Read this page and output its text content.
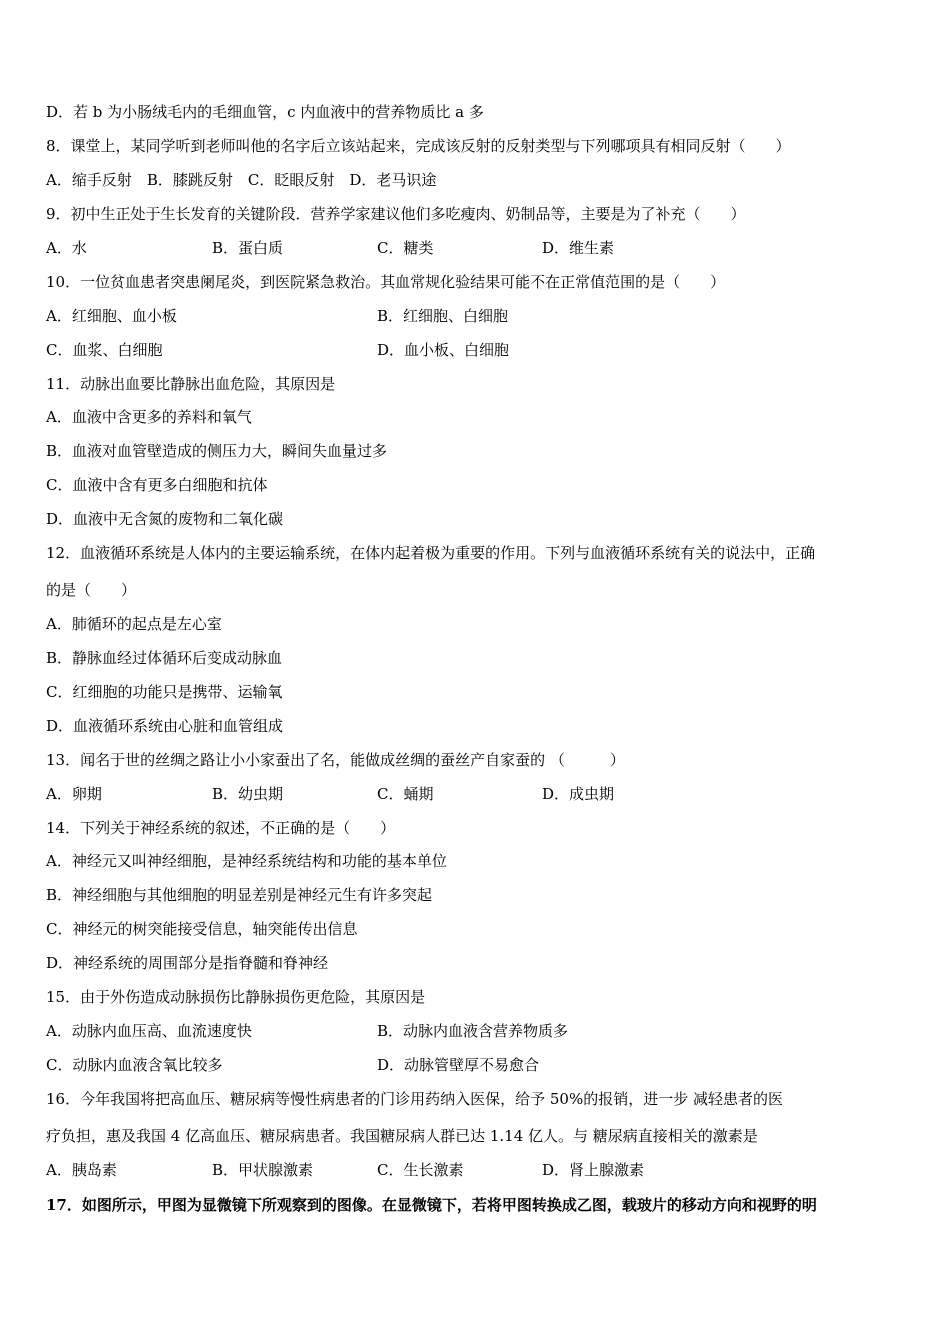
D．若 b 为小肠绒毛内的毛细血管，c 内血液中的营养物质比 a 多
8．课堂上，某同学听到老师叫他的名字后立该站起来，完成该反射的反射类型与下列哪项具有相同反射（　　）
A．缩手反射　B．膝跳反射　C．眨眼反射　D．老马识途
9．初中生正处于生长发育的关键阶段．营养学家建议他们多吃瘦肉、奶制品等，主要是为了补充（　　）
A．水	B．蛋白质	C．糖类	D．维生素
10．一位贫血患者突患阑尾炎，到医院紧急救治。其血常规化验结果可能不在正常值范围的是（　　）
A．红细胞、血小板	B．红细胞、白细胞
C．血浆、白细胞	D．血小板、白细胞
11．动脉出血要比静脉出血危险，其原因是
A．血液中含更多的养料和氧气
B．血液对血管壁造成的侧压力大，瞬间失血量过多
C．血液中含有更多白细胞和抗体
D．血液中无含氮的废物和二氧化碳
12．血液循环系统是人体内的主要运输系统，在体内起着极为重要的作用。下列与血液循环系统有关的说法中，正确
的是（　　）
A．肺循环的起点是左心室
B．静脉血经过体循环后变成动脉血
C．红细胞的功能只是携带、运输氧
D．血液循环系统由心脏和血管组成
13．闻名于世的丝绸之路让小小家蚕出了名，能做成丝绸的蚕丝产自家蚕的 （　　　）
A．卵期	B．幼虫期	C．蛹期	D．成虫期
14．下列关于神经系统的叙述，不正确的是（　　）
A．神经元又叫神经细胞，是神经系统结构和功能的基本单位
B．神经细胞与其他细胞的明显差别是神经元生有许多突起
C．神经元的树突能接受信息，轴突能传出信息
D．神经系统的周围部分是指脊髓和脊神经
15．由于外伤造成动脉损伤比静脉损伤更危险，其原因是
A．动脉内血压高、血流速度快	B．动脉内血液含营养物质多
C．动脉内血液含氧比较多	D．动脉管壁厚不易愈合
16．今年我国将把高血压、糖尿病等慢性病患者的门诊用药纳入医保，给予 50%的报销，进一步 减轻患者的医
疗负担，惠及我国 4 亿高血压、糖尿病患者。我国糖尿病人群已达 1.14 亿人。与 糖尿病直接相关的激素是
A．胰岛素	B．甲状腺激素	C．生长激素	D．肾上腺激素
17．如图所示，甲图为显微镜下所观察到的图像。在显微镜下，若将甲图转换成乙图，载玻片的移动方向和视野的明
